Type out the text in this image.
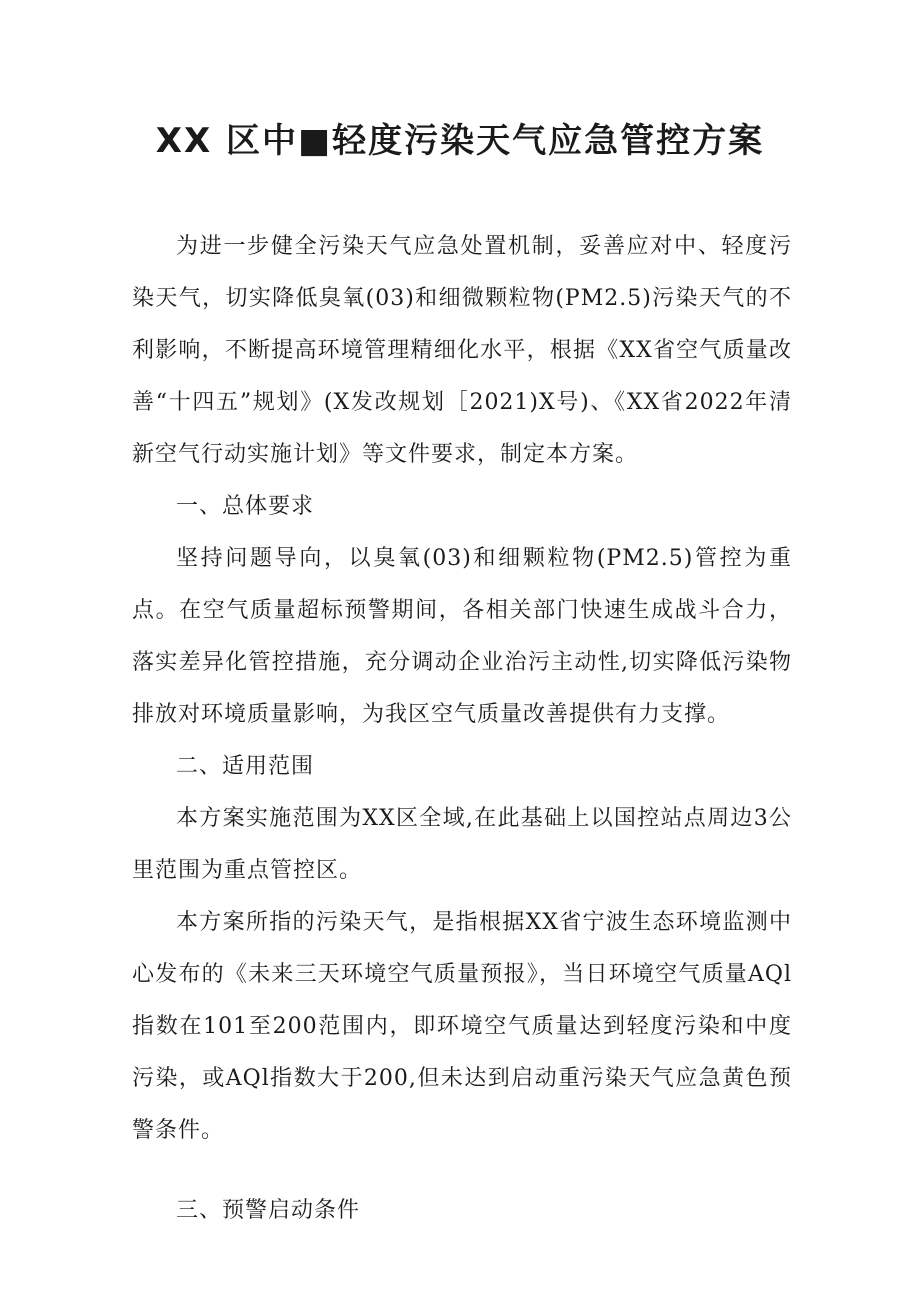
XX 区中■轻度污染天气应急管控方案

为进一步健全污染天气应急处置机制，妥善应对中、轻度污染天气，切实降低臭氧(03)和细微颗粒物(PM2.5)污染天气的不利影响，不断提高环境管理精细化水平，根据《XX省空气质量改善“十四五”规划》(X发改规划［2021)X号)、《XX省2022年清新空气行动实施计划》等文件要求，制定本方案。

一、总体要求

坚持问题导向，以臭氧(03)和细颗粒物(PM2.5)管控为重点。在空气质量超标预警期间，各相关部门快速生成战斗合力，落实差异化管控措施，充分调动企业治污主动性,切实降低污染物排放对环境质量影响，为我区空气质量改善提供有力支撑。

二、适用范围

本方案实施范围为XX区全域,在此基础上以国控站点周边3公里范围为重点管控区。

本方案所指的污染天气，是指根据XX省宁波生态环境监测中心发布的《未来三天环境空气质量预报》，当日环境空气质量AQl指数在101至200范围内，即环境空气质量达到轻度污染和中度污染，或AQl指数大于200,但未达到启动重污染天气应急黄色预警条件。

三、预警启动条件
